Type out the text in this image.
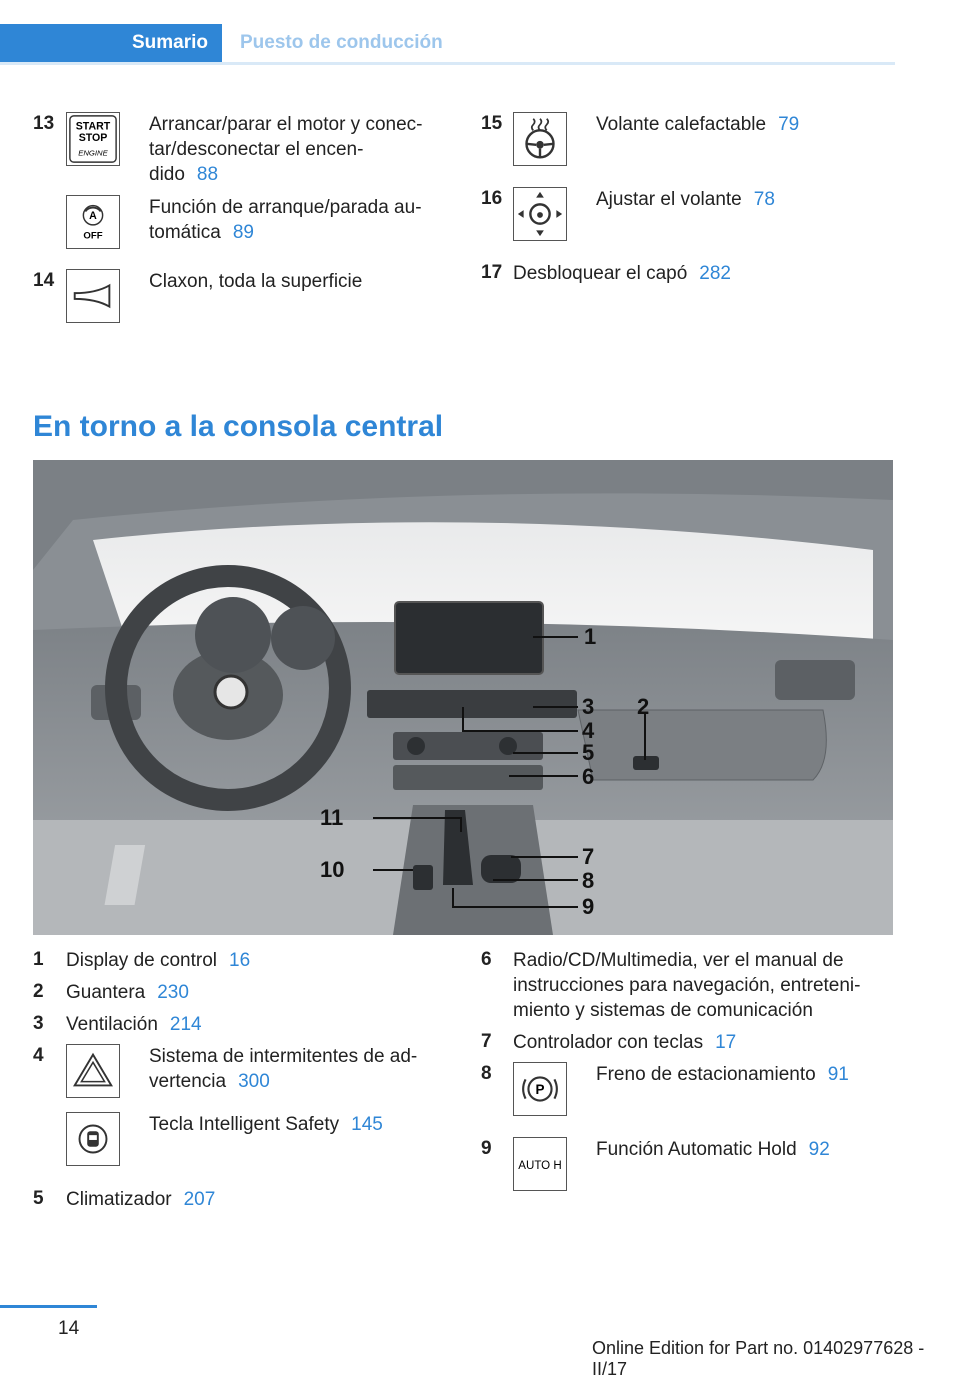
Sumario	Puesto de conducción
13 START
STOP
ENGINE
Arrancar/parar el motor y conec-
tar/desconectar el encen-
dido 88
A
OFF
Función de arranque/parada au-
tomática 89
14	Claxon, toda la superficie
15	Volante calefactable 79
16	Ajustar el volante 78
17 Desbloquear el capó 282
En torno a la consola central
1
2
3
4
5
6
7
8
9
10
11
1 Display de control 16
2 Guantera 230
3 Ventilación 214
4	Sistema de intermitentes de ad-
vertencia 300
Tecla Intelligent Safety 145
5 Climatizador 207
6 Radio/CD/Multimedia, ver el manual de
instrucciones para navegación, entreteni-
miento y sistemas de comunicación
7 Controlador con teclas 17
8
P
Freno de estacionamiento 91
9
AUTO H
Función Automatic Hold 92
14
Online Edition for Part no. 01402977628 - II/17
